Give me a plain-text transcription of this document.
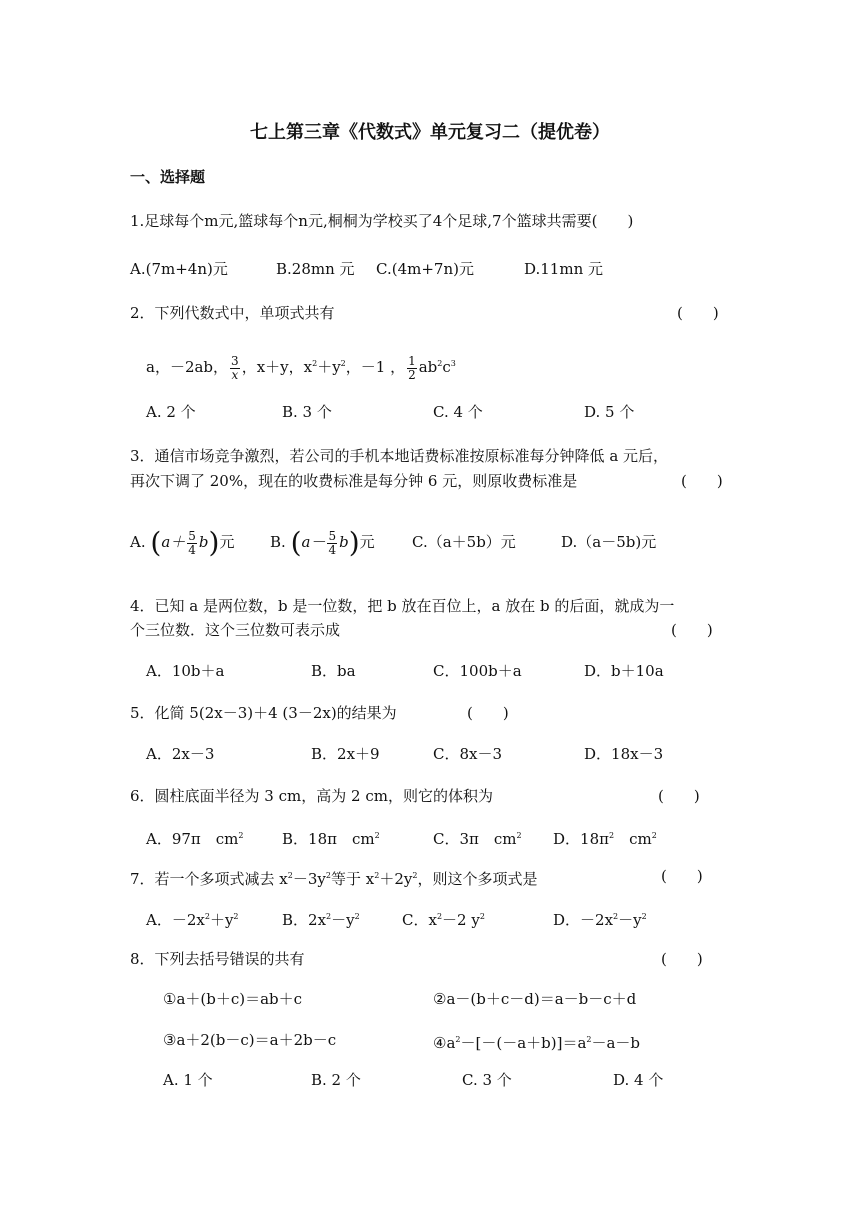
七上第三章《代数式》单元复习二（提优卷）
一、选择题
1.足球每个m元,篮球每个n元,桐桐为学校买了4个足球,7个篮球共需要(　　)
A.(7m+4n)元	B.28mn 元 C.(4m+7n)元	D.11mn 元
2．下列代数式中，单项式共有	(　　)
a，－2ab， $\frac{3}{x}$ ，x＋y，$x^2+y^2$，－1 ， $\frac{1}{2} ab^2c^3$
A. 2 个	B. 3 个	C. 4 个	D. 5 个
3．通信市场竞争激烈，若公司的手机本地话费标准按原标准每分钟降低 a 元后，
再次下调了 20%，现在的收费标准是每分钟 6 元，则原收费标准是	(　　)
A. $(a+ \frac{5}{4} b)$元 B. $(a- \frac{5}{4} b)$元 C.（a＋5b）元	D.（a－5b)元
4．已知 a 是两位数，b 是一位数，把 b 放在百位上，a 放在 b 的后面，就成为一
个三位数．这个三位数可表示成	(　　)
A．10b＋a	B．ba	C．100b＋a	D．b＋10a
5．化简 5(2x－3)＋4 (3－2x)的结果为	(　　)
A．2x－3	B．2x＋9	C．8x－3	D．18x－3
6．圆柱底面半径为 3 cm，高为 2 cm，则它的体积为	(　　)
A．97π　$cm^2$	B．18π　$cm^2$	C．3π　$cm^2$ D．$18\pi^2$　$cm^2$
7．若一个多项式减去 $x^2-3y^2$等于 $x^2+2y^2$，则这个多项式是	(　　)
A．$-2x^2+y^2$	B．$2x^2-y^2$	C．$x^2-2$ $y^2$	D．$-2x^2-y^2$
8．下列去括号错误的共有	(　　)
①a＋(b＋c)＝ab＋c	②a－(b＋c－d)＝a－b－c＋d
③a＋2(b－c)＝a＋2b－c	$④a^2-[-(-a+b)]=a^2-a-b$
A. 1 个	B. 2 个	C. 3 个	D. 4 个
